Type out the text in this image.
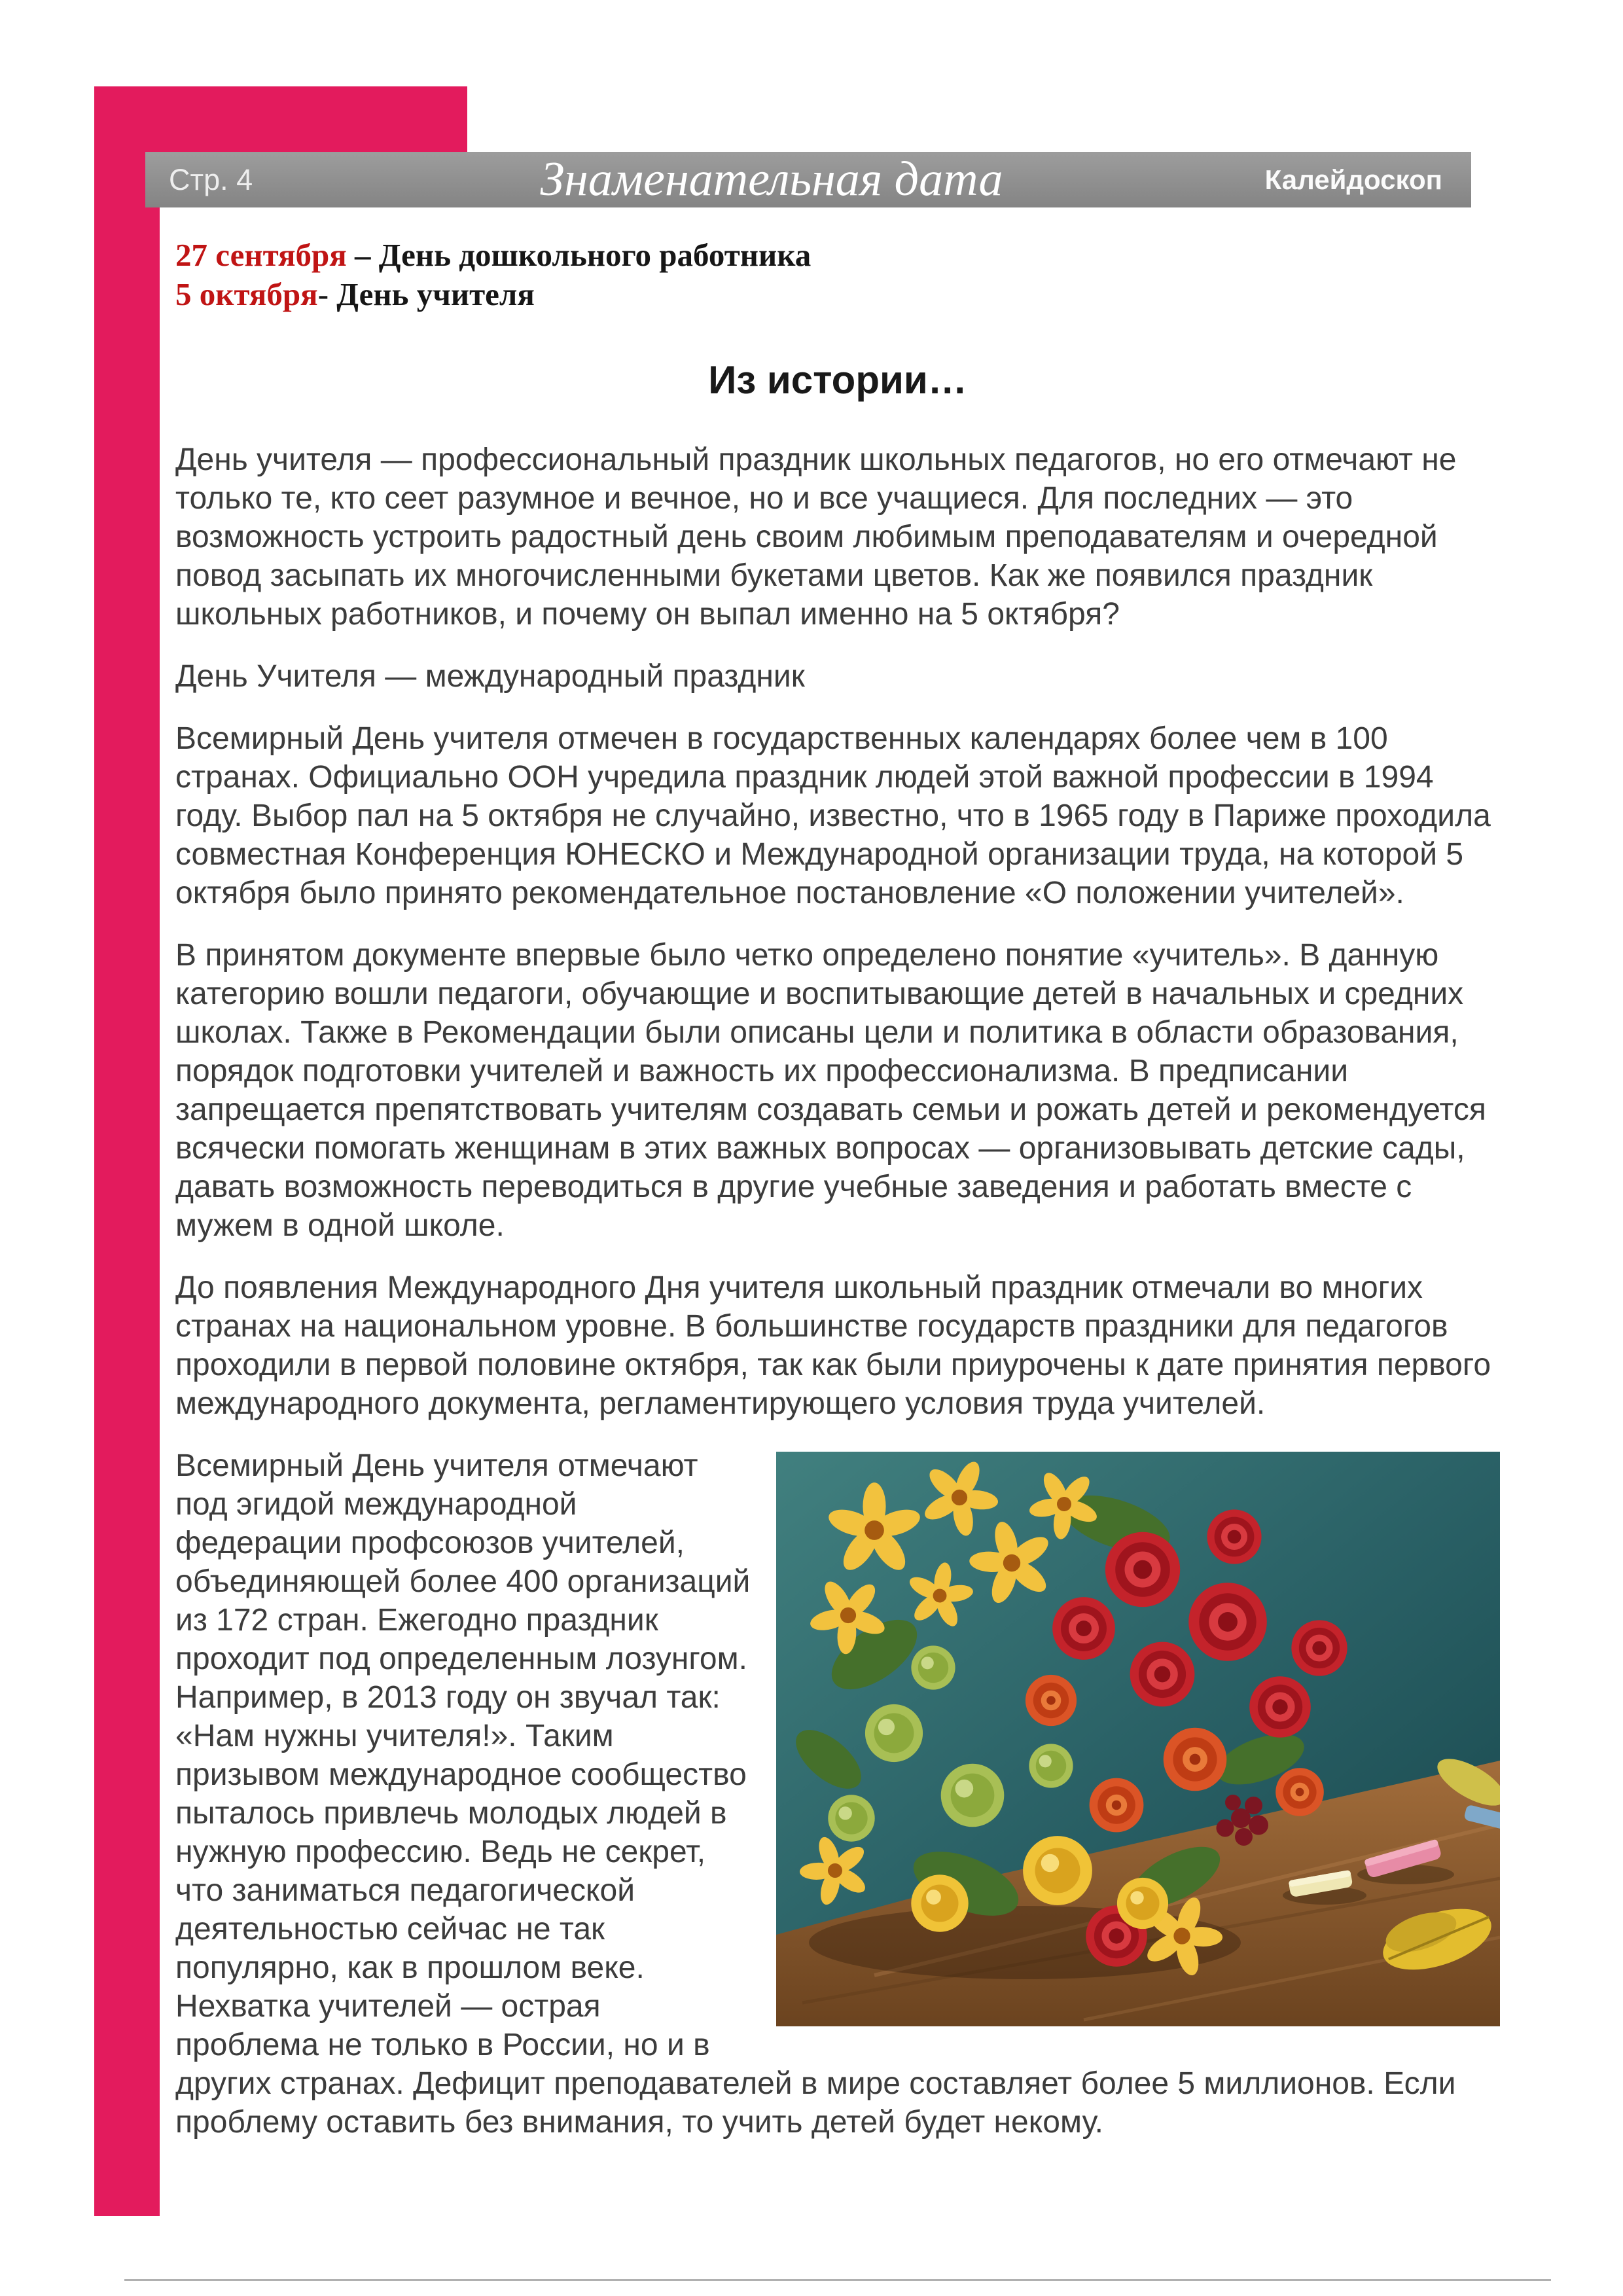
Стр. 4	Знаменательная дата	Калейдоскоп
27 сентября – День дошкольного работника
5 октября- День учителя
Из истории…

День учителя — профессиональный праздник школьных педагогов, но его отмечают не только те, кто сеет разумное и вечное, но и все учащиеся. Для последних — это возможность устроить радостный день своим любимым преподавателям и очередной повод засыпать их многочисленными букетами цветов. Как же появился праздник школьных работников, и почему он выпал именно на 5 октября?

День Учителя — международный праздник

Всемирный День учителя отмечен в государственных календарях более чем в 100 странах. Официально ООН учредила праздник людей этой важной профессии в 1994 году. Выбор пал на 5 октября не случайно, известно, что в 1965 году в Париже проходила совместная Конференция ЮНЕСКО и Международной организации труда, на которой 5 октября было принято рекомендательное постановление «О положении учителей».

В принятом документе впервые было четко определено понятие «учитель». В данную категорию вошли педагоги, обучающие и воспитывающие детей в начальных и средних школах. Также в Рекомендации были описаны цели и политика в области образования, порядок подготовки учителей и важность их профессионализма. В предписании запрещается препятствовать учителям создавать семьи и рожать детей и рекомендуется всячески помогать женщинам в этих важных вопросах — организовывать детские сады, давать возможность переводиться в другие учебные заведения и работать вместе с мужем в одной школе.

До появления Международного Дня учителя школьный праздник отмечали во многих странах на национальном уровне. В большинстве государств праздники для педагогов проходили в первой половине октября, так как были приурочены к дате принятия первого международного документа, регламентирующего условия труда учителей.

Всемирный День учителя отмечают под эгидой международной федерации профсоюзов учителей, объединяющей более 400 организаций из 172 стран. Ежегодно праздник проходит под определенным лозунгом. Например, в 2013 году он звучал так: «Нам нужны учителя!». Таким призывом международное сообщество пыталось привлечь молодых людей в нужную профессию. Ведь не секрет, что заниматься педагогической деятельностью сейчас не так популярно, как в прошлом веке. Нехватка учителей — острая проблема не только в России, но и в других странах. Дефицит преподавателей в мире составляет более 5 миллионов. Если проблему оставить без внимания, то учить детей будет некому.
